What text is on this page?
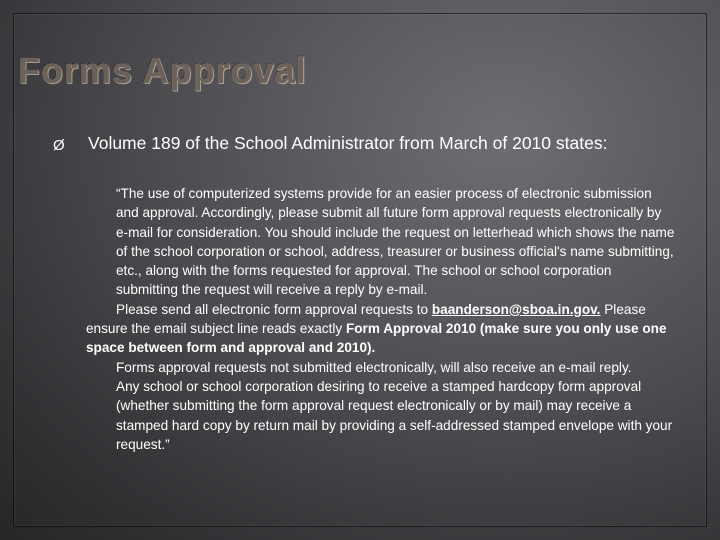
Forms Approval
Ø Volume 189 of the School Administrator from March of 2010 states:

“The use of computerized systems provide for an easier process of electronic submission and approval. Accordingly, please submit all future form approval requests electronically by e-mail for consideration. You should include the request on letterhead which shows the name of the school corporation or school, address, treasurer or business official's name submitting, etc., along with the forms requested for approval. The school or school corporation submitting the request will receive a reply by e-mail.

Please send all electronic form approval requests to baanderson@sboa.in.gov. Please ensure the email subject line reads exactly Form Approval 2010 (make sure you only use one space between form and approval and 2010).

Forms approval requests not submitted electronically, will also receive an e-mail reply.

Any school or school corporation desiring to receive a stamped hardcopy form approval (whether submitting the form approval request electronically or by mail) may receive a stamped hard copy by return mail by providing a self-addressed stamped envelope with your request.”
